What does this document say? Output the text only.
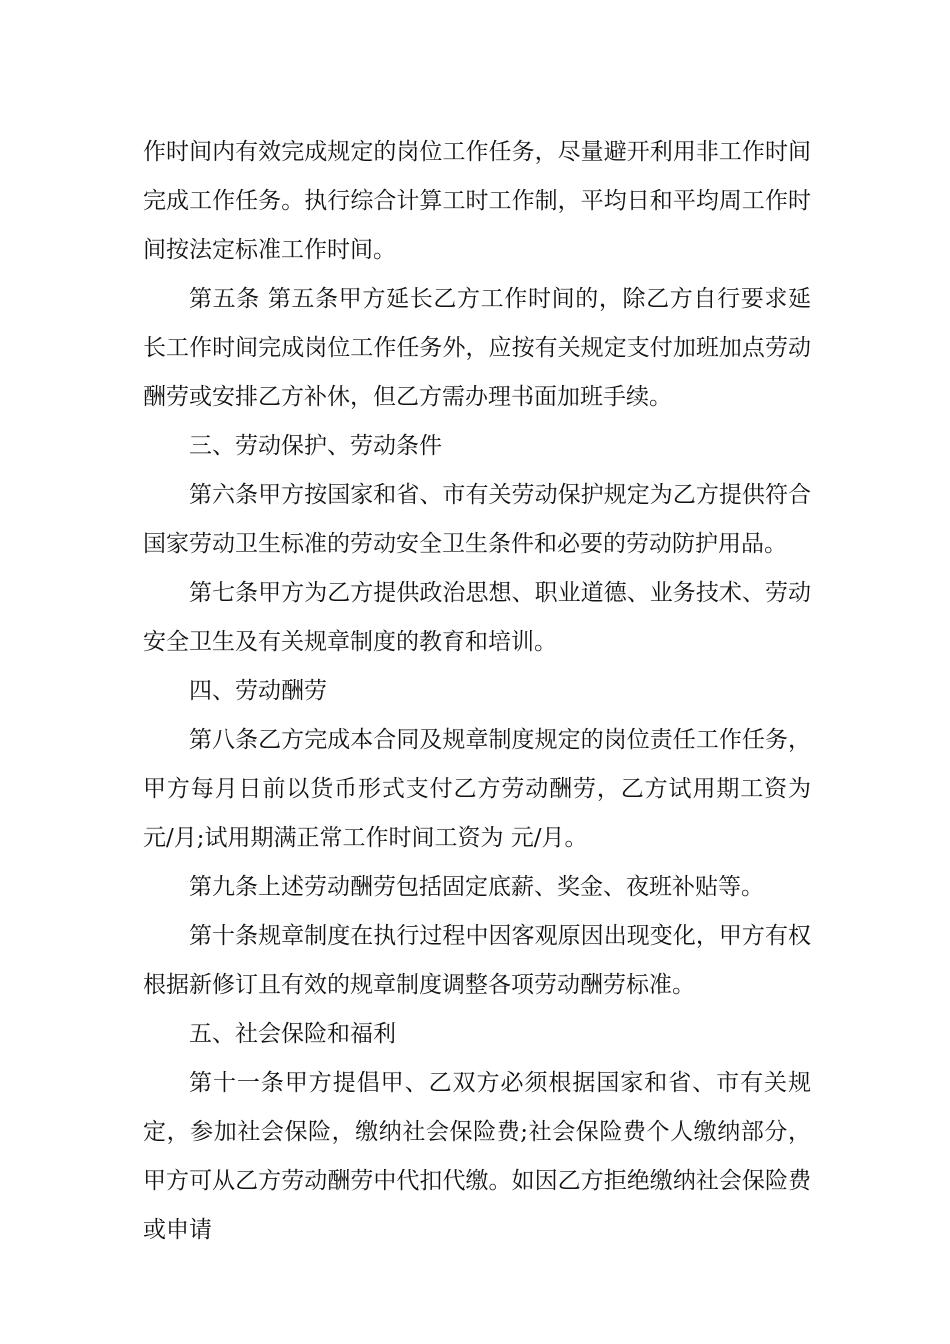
作时间内有效完成规定的岗位工作任务，尽量避开利用非工作时间完成工作任务。执行综合计算工时工作制，平均日和平均周工作时间按法定标准工作时间。

第五条 第五条甲方延长乙方工作时间的，除乙方自行要求延长工作时间完成岗位工作任务外，应按有关规定支付加班加点劳动酬劳或安排乙方补休，但乙方需办理书面加班手续。

三、劳动保护、劳动条件

第六条甲方按国家和省、市有关劳动保护规定为乙方提供符合国家劳动卫生标准的劳动安全卫生条件和必要的劳动防护用品。

第七条甲方为乙方提供政治思想、职业道德、业务技术、劳动安全卫生及有关规章制度的教育和培训。

四、劳动酬劳

第八条乙方完成本合同及规章制度规定的岗位责任工作任务，甲方每月日前以货币形式支付乙方劳动酬劳，乙方试用期工资为 元/月;试用期满正常工作时间工资为 元/月。

第九条上述劳动酬劳包括固定底薪、奖金、夜班补贴等。

第十条规章制度在执行过程中因客观原因出现变化，甲方有权根据新修订且有效的规章制度调整各项劳动酬劳标准。

五、社会保险和福利

第十一条甲方提倡甲、乙双方必须根据国家和省、市有关规定，参加社会保险，缴纳社会保险费;社会保险费个人缴纳部分，甲方可从乙方劳动酬劳中代扣代缴。如因乙方拒绝缴纳社会保险费或申请
